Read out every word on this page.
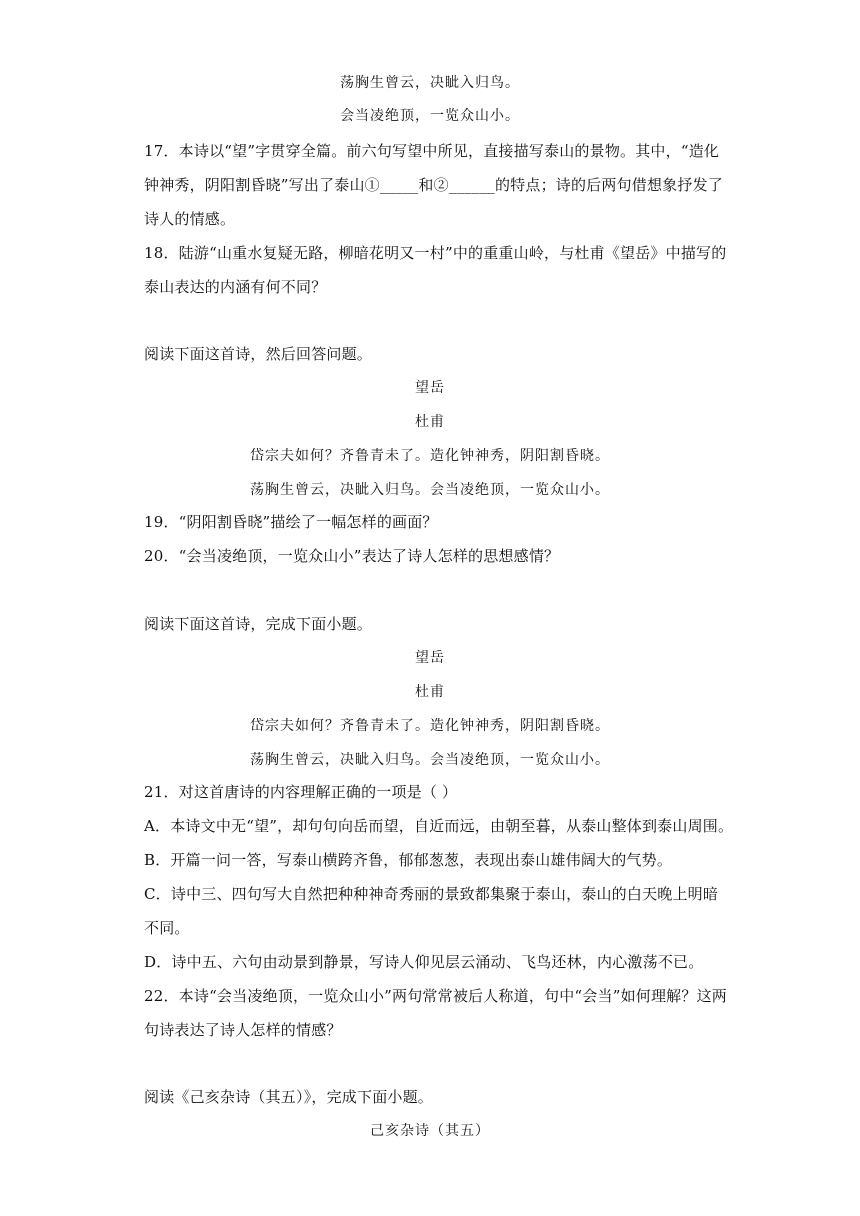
荡胸生曾云，决眦入归鸟。
会当凌绝顶，一览众山小。
17．本诗以“望”字贯穿全篇。前六句写望中所见，直接描写泰山的景物。其中，“造化
钟神秀，阴阳割昏晓”写出了泰山①_____和②______的特点；诗的后两句借想象抒发了
诗人的情感。
18．陆游“山重水复疑无路，柳暗花明又一村”中的重重山岭，与杜甫《望岳》中描写的
泰山表达的内涵有何不同？
阅读下面这首诗，然后回答问题。
望岳
杜甫
岱宗夫如何？齐鲁青未了。造化钟神秀，阴阳割昏晓。
荡胸生曾云，决眦入归鸟。会当凌绝顶，一览众山小。
19．“阴阳割昏晓”描绘了一幅怎样的画面？
20．“会当凌绝顶，一览众山小”表达了诗人怎样的思想感情？
阅读下面这首诗，完成下面小题。
望岳
杜甫
岱宗夫如何？齐鲁青未了。造化钟神秀，阴阳割昏晓。
荡胸生曾云，决眦入归鸟。会当凌绝顶，一览众山小。
21．对这首唐诗的内容理解正确的一项是（ ）
A．本诗文中无“望”，却句句向岳而望，自近而远，由朝至暮，从泰山整体到泰山周围。
B．开篇一问一答，写泰山横跨齐鲁，郁郁葱葱，表现出泰山雄伟阔大的气势。
C．诗中三、四句写大自然把种种神奇秀丽的景致都集聚于泰山，泰山的白天晚上明暗
不同。
D．诗中五、六句由动景到静景，写诗人仰见层云涌动、飞鸟还林，内心激荡不已。
22．本诗“会当凌绝顶，一览众山小”两句常常被后人称道，句中“会当”如何理解？这两
句诗表达了诗人怎样的情感？
阅读《己亥杂诗（其五）》，完成下面小题。
己亥杂诗（其五）
